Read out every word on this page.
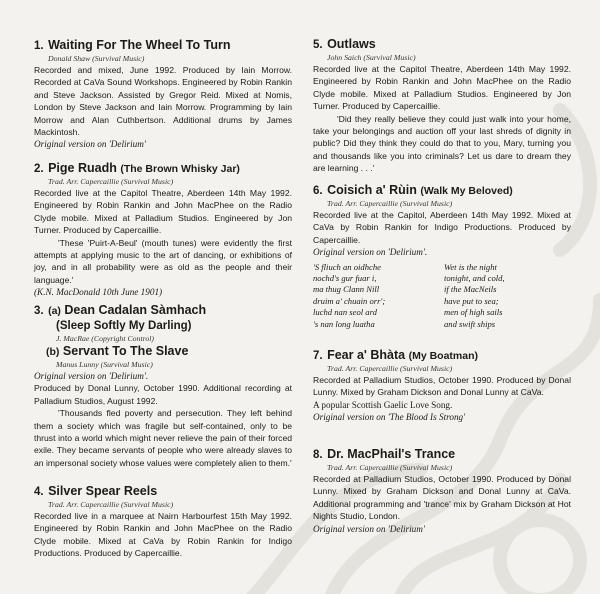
1. Waiting For The Wheel To Turn
Donald Shaw (Survival Music)
Recorded and mixed, June 1992. Produced by Iain Morrow. Recorded at CaVa Sound Workshops. Engineered by Robin Rankin and Steve Jackson. Assisted by Gregor Reid. Mixed at Nomis, London by Steve Jackson and Iain Morrow. Programming by Iain Morrow and Alan Cuthbertson. Additional drums by James Mackintosh.
Original version on 'Delirium'
2. Pige Ruadh (The Brown Whisky Jar)
Trad. Arr. Capercaillie (Survival Music)
Recorded live at the Capitol Theatre, Aberdeen 14th May 1992. Engineered by Robin Rankin and John MacPhee on the Radio Clyde mobile. Mixed at Palladium Studios. Engineered by Jon Turner. Produced by Capercaillie.
'These 'Puirt-A-Beul' (mouth tunes) were evidently the first attempts at applying music to the art of dancing, or exhibitions of joy, and in all probability were as old as the people and their language.'
(K.N. MacDonald 10th June 1901)
3. (a) Dean Cadalan Sàmhach
(Sleep Softly My Darling)
J. MacRae (Copyright Control)
(b) Servant To The Slave
Manus Lunny (Survival Music)
Original version on 'Delirium'.
Produced by Donal Lunny, October 1990. Additional recording at Palladium Studios, August 1992.
'Thousands fled poverty and persecution. They left behind them a society which was fragile but self-contained, only to be thrust into a world which might never relieve the pain of their forced exile. They became servants of people who were already slaves to an impersonal society whose values were completely alien to them.'
4. Silver Spear Reels
Trad. Arr. Capercaillie (Survival Music)
Recorded live in a marquee at Nairn Harbourfest 15th May 1992. Engineered by Robin Rankin and John MacPhee on the Radio Clyde mobile. Mixed at CaVa by Robin Rankin for Indigo Productions. Produced by Capercaillie.
5. Outlaws
John Saich (Survival Music)
Recorded live at the Capitol Theatre, Aberdeen 14th May 1992. Engineered by Robin Rankin and John MacPhee on the Radio Clyde mobile. Mixed at Palladium Studios. Engineered by Jon Turner. Produced by Capercaillie.
'Did they really believe they could just walk into your home, take your belongings and auction off your last shreds of dignity in public? Did they think they could do that to you, Mary, turning you and thousands like you into criminals? Let us dare to dream they are learning . . .'
6. Coisich a' Rùin (Walk My Beloved)
Trad. Arr. Capercaillie (Survival Music)
Recorded live at the Capitol, Aberdeen 14th May 1992. Mixed at CaVa by Robin Rankin for Indigo Productions. Produced by Capercaillie.
Original version on 'Delirium'.
'S fliuch an oidhche
nochd's gur fuar i,
ma thug Clann Nill
druim a' chuain orr';
luchd nan seol ard
's nan long luatha
Wet is the night
tonight, and cold,
if the MacNeils
have put to sea;
men of high sails
and swift ships
7. Fear a' Bhàta (My Boatman)
Trad. Arr. Capercaillie (Survival Music)
Recorded at Palladium Studios, October 1990. Produced by Donal Lunny. Mixed by Graham Dickson and Donal Lunny at CaVa.
A popular Scottish Gaelic Love Song.
Original version on 'The Blood Is Strong'
8. Dr. MacPhail's Trance
Trad. Arr. Capercaillie (Survival Music)
Recorded at Palladium Studios, October 1990. Produced by Donal Lunny. Mixed by Graham Dickson and Donal Lunny at CaVa. Additional programming and 'trance' mix by Graham Dickson at Hot Nights Studio, London.
Original version on 'Delirium'
